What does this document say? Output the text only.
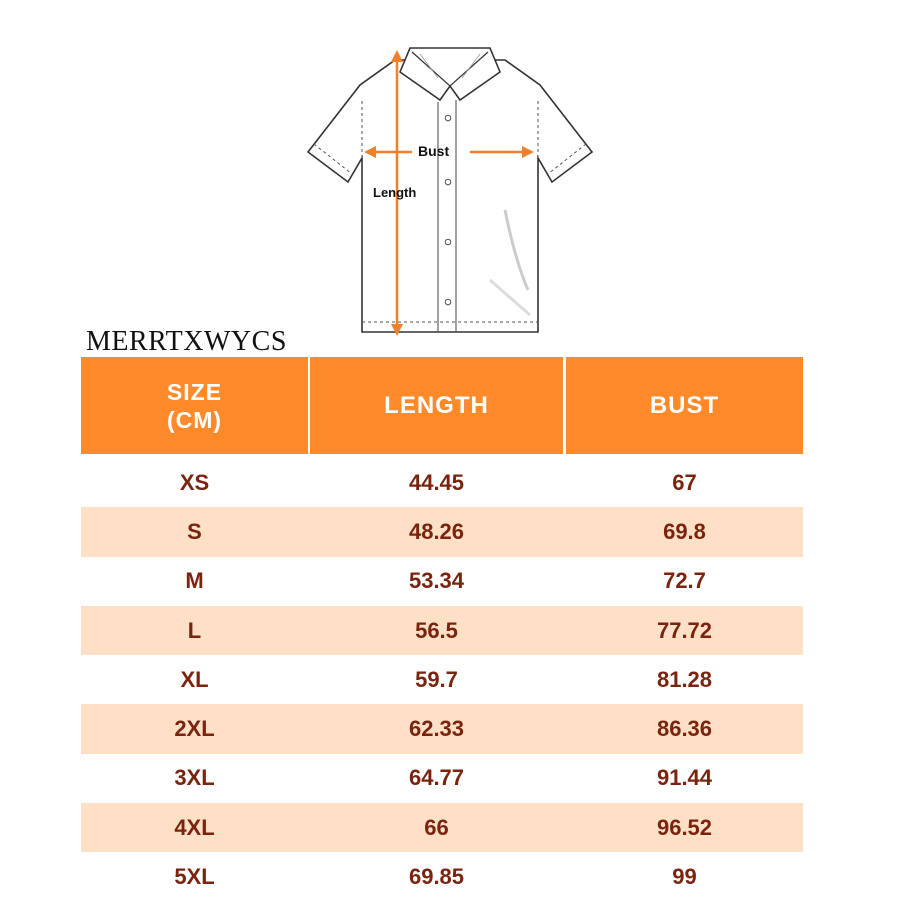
Bust
Length
MERRTXWYCS
SIZE
(CM)
LENGTH	BUST
XS	44.45	67
S	48.26	69.8
M	53.34	72.7
L	56.5	77.72
XL	59.7	81.28
2XL	62.33	86.36
3XL	64.77	91.44
4XL	66	96.52
5XL	69.85	99
